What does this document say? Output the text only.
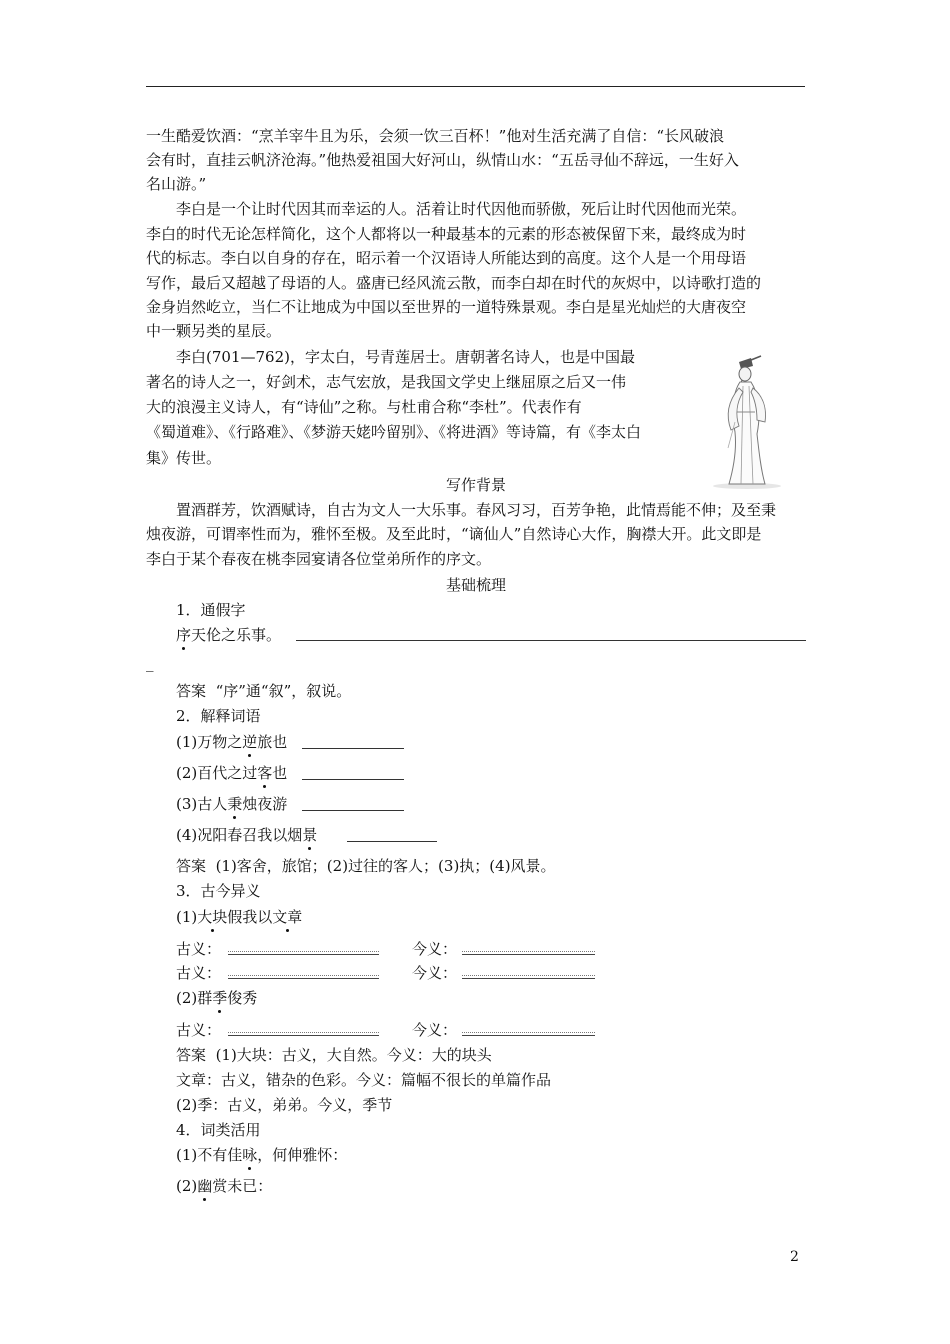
一生酷爱饮酒：“烹羊宰牛且为乐，会须一饮三百杯！”他对生活充满了自信：“长风破浪
会有时，直挂云帆济沧海。”他热爱祖国大好河山，纵情山水：“五岳寻仙不辞远，一生好入
名山游。”
李白是一个让时代因其而幸运的人。活着让时代因他而骄傲，死后让时代因他而光荣。
李白的时代无论怎样简化，这个人都将以一种最基本的元素的形态被保留下来，最终成为时
代的标志。李白以自身的存在，昭示着一个汉语诗人所能达到的高度。这个人是一个用母语
写作，最后又超越了母语的人。盛唐已经风流云散，而李白却在时代的灰烬中，以诗歌打造的
金身岿然屹立，当仁不让地成为中国以至世界的一道特殊景观。李白是星光灿烂的大唐夜空
中一颗另类的星辰。
李白(701—762)，字太白，号青莲居士。唐朝著名诗人，也是中国最
著名的诗人之一，好剑术，志气宏放，是我国文学史上继屈原之后又一伟
大的浪漫主义诗人，有“诗仙”之称。与杜甫合称“李杜”。代表作有
《蜀道难》、《行路难》、《梦游天姥吟留别》、《将进酒》等诗篇，有《李太白
集》传世。
写作背景
置酒群芳，饮酒赋诗，自古为文人一大乐事。春风习习，百芳争艳，此情焉能不伸；及至秉
烛夜游，可谓率性而为，雅怀至极。及至此时，“谪仙人”自然诗心大作，胸襟大开。此文即是
李白于某个春夜在桃李园宴请各位堂弟所作的序文。
基础梳理
1．通假字
序天伦之乐事。
_
答案 “序”通“叙”，叙说。
2．解释词语
(1)万物之逆旅也
(2)百代之过客也
(3)古人秉烛夜游
(4)况阳春召我以烟景
答案 (1)客舍，旅馆；(2)过往的客人；(3)执；(4)风景。
3．古今异义
(1)大块假我以文章
古义：	今义：
古义：	今义：
(2)群季俊秀
古义：	今义：
答案 (1)大块：古义，大自然。今义：大的块头
文章：古义，错杂的色彩。今义：篇幅不很长的单篇作品
(2)季：古义，弟弟。今义，季节
4．词类活用
(1)不有佳咏，何伸雅怀：
(2)幽赏未已：
2
